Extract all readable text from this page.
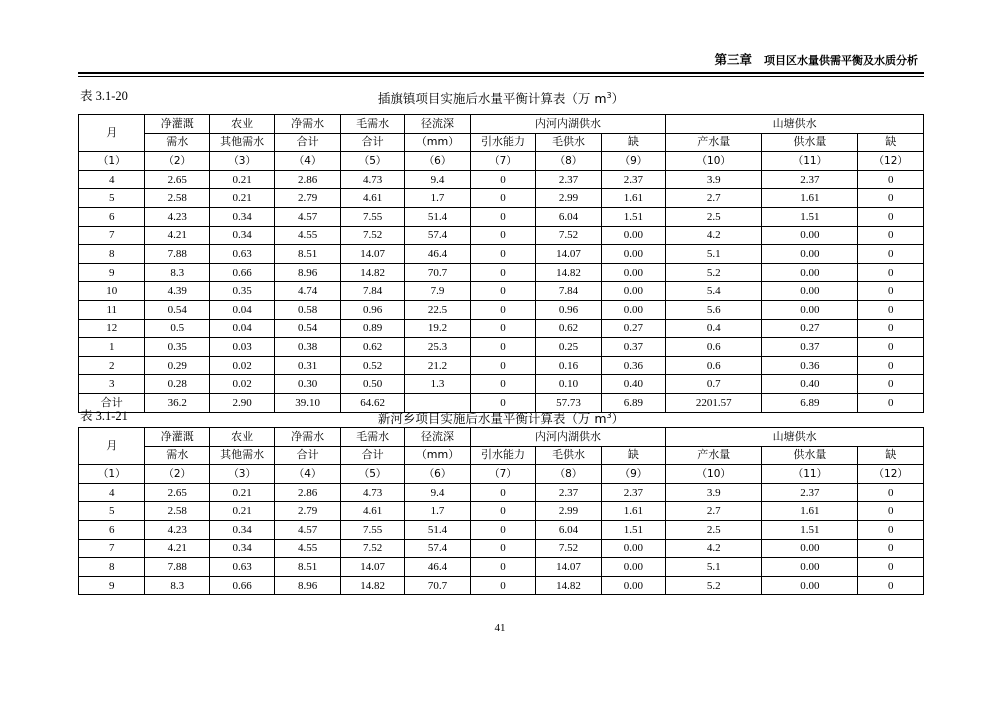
第三章 项目区水量供需平衡及水质分析
表 3.1-20	插旗镇项目实施后水量平衡计算表（万 $m^3$）
月	净灌溉	农业	净需水	毛需水	径流深	内河内湖供水			山塘供水		
	需水	其他需水	合计	合计	（mm）	引水能力	毛供水	缺	产水量	供水量	缺
（1）	（2）	（3）	（4）	（5）	（6）	（7）	（8）	（9）	（10）	（11）	（12）
4	2.65	0.21	2.86	4.73	9.4	0	2.37	2.37	3.9	2.37	0
5	2.58	0.21	2.79	4.61	1.7	0	2.99	1.61	2.7	1.61	0
6	4.23	0.34	4.57	7.55	51.4	0	6.04	1.51	2.5	1.51	0
7	4.21	0.34	4.55	7.52	57.4	0	7.52	0.00	4.2	0.00	0
8	7.88	0.63	8.51	14.07	46.4	0	14.07	0.00	5.1	0.00	0
9	8.3	0.66	8.96	14.82	70.7	0	14.82	0.00	5.2	0.00	0
10	4.39	0.35	4.74	7.84	7.9	0	7.84	0.00	5.4	0.00	0
11	0.54	0.04	0.58	0.96	22.5	0	0.96	0.00	5.6	0.00	0
12	0.5	0.04	0.54	0.89	19.2	0	0.62	0.27	0.4	0.27	0
1	0.35	0.03	0.38	0.62	25.3	0	0.25	0.37	0.6	0.37	0
2	0.29	0.02	0.31	0.52	21.2	0	0.16	0.36	0.6	0.36	0
3	0.28	0.02	0.30	0.50	1.3	0	0.10	0.40	0.7	0.40	0
合计	36.2	2.90	39.10	64.62		0	57.73	6.89	2201.57	6.89	0
表 3.1-21	新河乡项目实施后水量平衡计算表（万 $m^3$）
月	净灌溉	农业	净需水	毛需水	径流深	内河内湖供水			山塘供水		
	需水	其他需水	合计	合计	（mm）	引水能力	毛供水	缺	产水量	供水量	缺
（1）	（2）	（3）	（4）	（5）	（6）	（7）	（8）	（9）	（10）	（11）	（12）
4	2.65	0.21	2.86	4.73	9.4	0	2.37	2.37	3.9	2.37	0
5	2.58	0.21	2.79	4.61	1.7	0	2.99	1.61	2.7	1.61	0
6	4.23	0.34	4.57	7.55	51.4	0	6.04	1.51	2.5	1.51	0
7	4.21	0.34	4.55	7.52	57.4	0	7.52	0.00	4.2	0.00	0
8	7.88	0.63	8.51	14.07	46.4	0	14.07	0.00	5.1	0.00	0
9	8.3	0.66	8.96	14.82	70.7	0	14.82	0.00	5.2	0.00	0
41
